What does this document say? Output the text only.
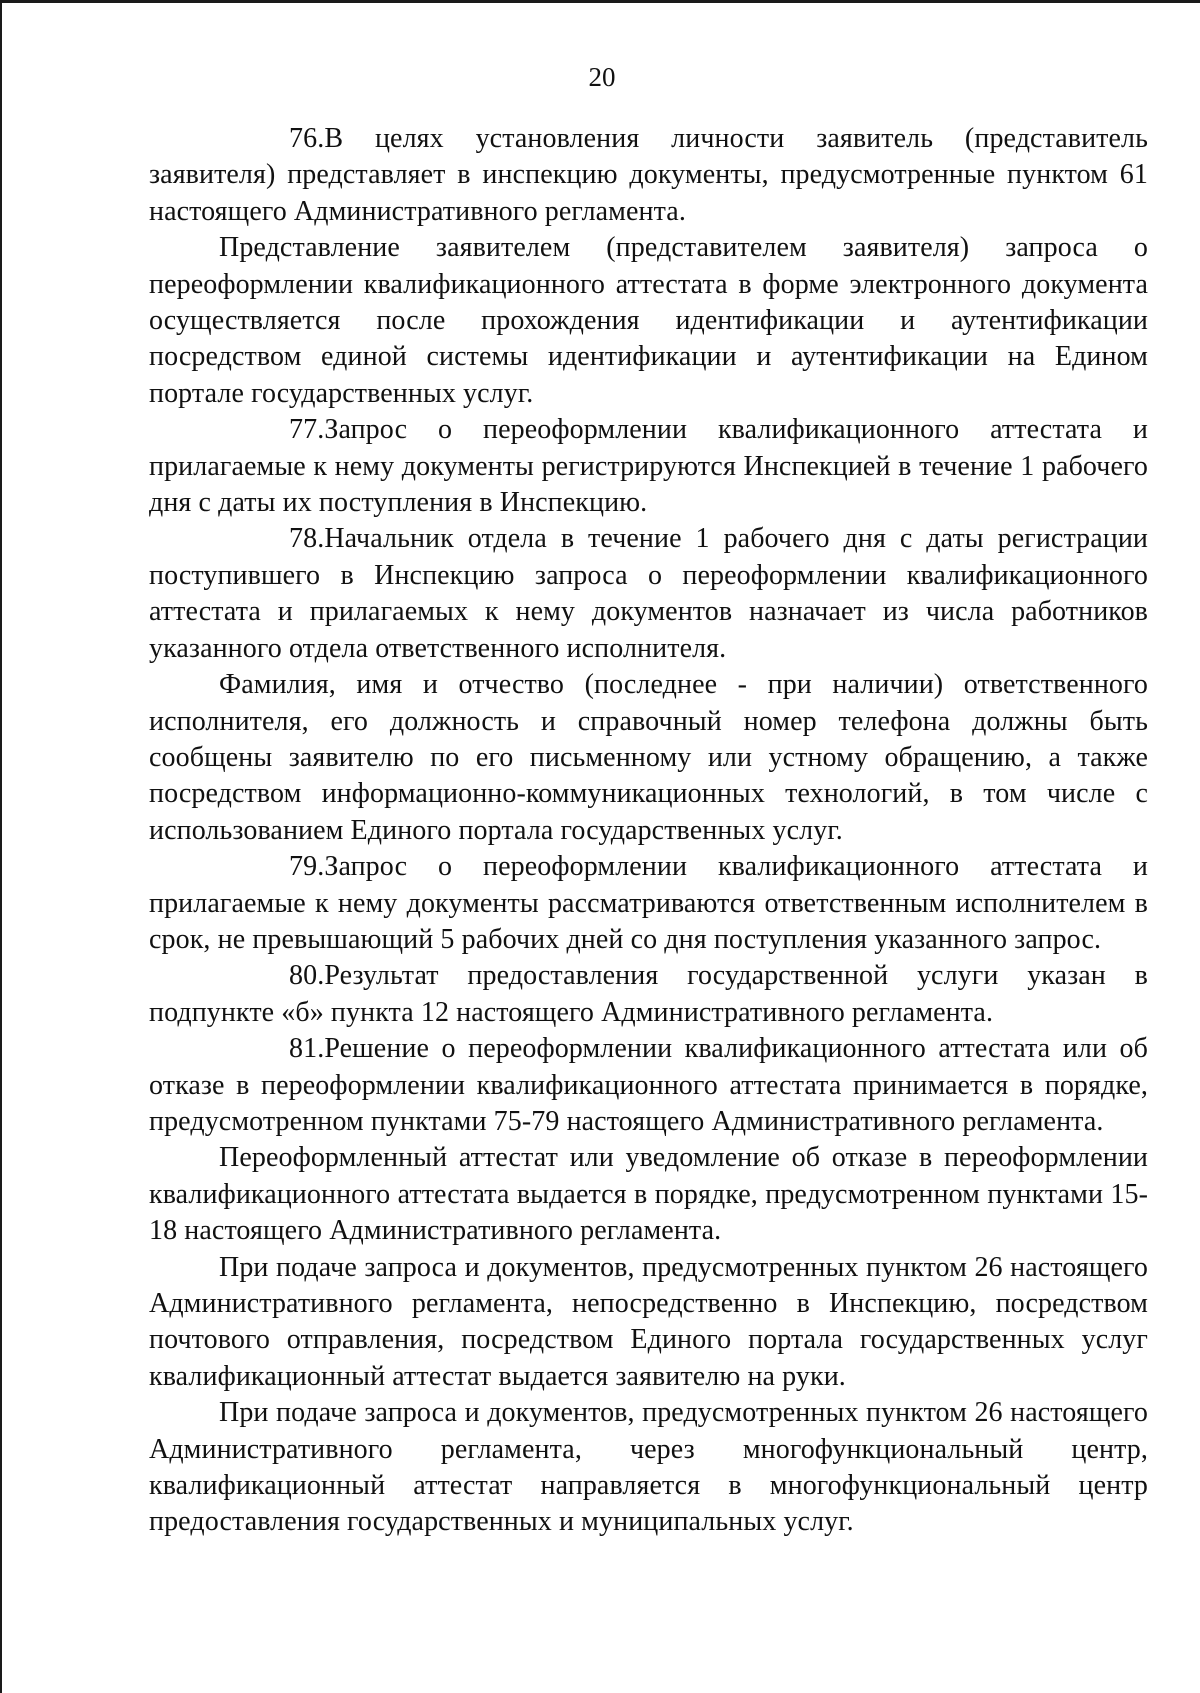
20

76.В целях установления личности заявитель (представитель заявителя) представляет в инспекцию документы, предусмотренные пунктом 61 настоящего Административного регламента.

Представление заявителем (представителем заявителя) запроса о переоформлении квалификационного аттестата в форме электронного документа осуществляется после прохождения идентификации и аутентификации посредством единой системы идентификации и аутентификации на Едином портале государственных услуг.

77.Запрос о переоформлении квалификационного аттестата и прилагаемые к нему документы регистрируются Инспекцией в течение 1 рабочего дня с даты их поступления в Инспекцию.

78.Начальник отдела в течение 1 рабочего дня с даты регистрации поступившего в Инспекцию запроса о переоформлении квалификационного аттестата и прилагаемых к нему документов назначает из числа работников указанного отдела ответственного исполнителя.

Фамилия, имя и отчество (последнее - при наличии) ответственного исполнителя, его должность и справочный номер телефона должны быть сообщены заявителю по его письменному или устному обращению, а также посредством информационно-коммуникационных технологий, в том числе с использованием Единого портала государственных услуг.

79.Запрос о переоформлении квалификационного аттестата и прилагаемые к нему документы рассматриваются ответственным исполнителем в срок, не превышающий 5 рабочих дней со дня поступления указанного запрос.

80.Результат предоставления государственной услуги указан в подпункте «б» пункта 12 настоящего Административного регламента.

81.Решение о переоформлении квалификационного аттестата или об отказе в переоформлении квалификационного аттестата принимается в порядке, предусмотренном пунктами 75-79 настоящего Административного регламента.

Переоформленный аттестат или уведомление об отказе в переоформлении квалификационного аттестата выдается в порядке, предусмотренном пунктами 15-18 настоящего Административного регламента.

При подаче запроса и документов, предусмотренных пунктом 26 настоящего Административного регламента, непосредственно в Инспекцию, посредством почтового отправления, посредством Единого портала государственных услуг квалификационный аттестат выдается заявителю на руки.

При подаче запроса и документов, предусмотренных пунктом 26 настоящего Административного регламента, через многофункциональный центр, квалификационный аттестат направляется в многофункциональный центр предоставления государственных и муниципальных услуг.
